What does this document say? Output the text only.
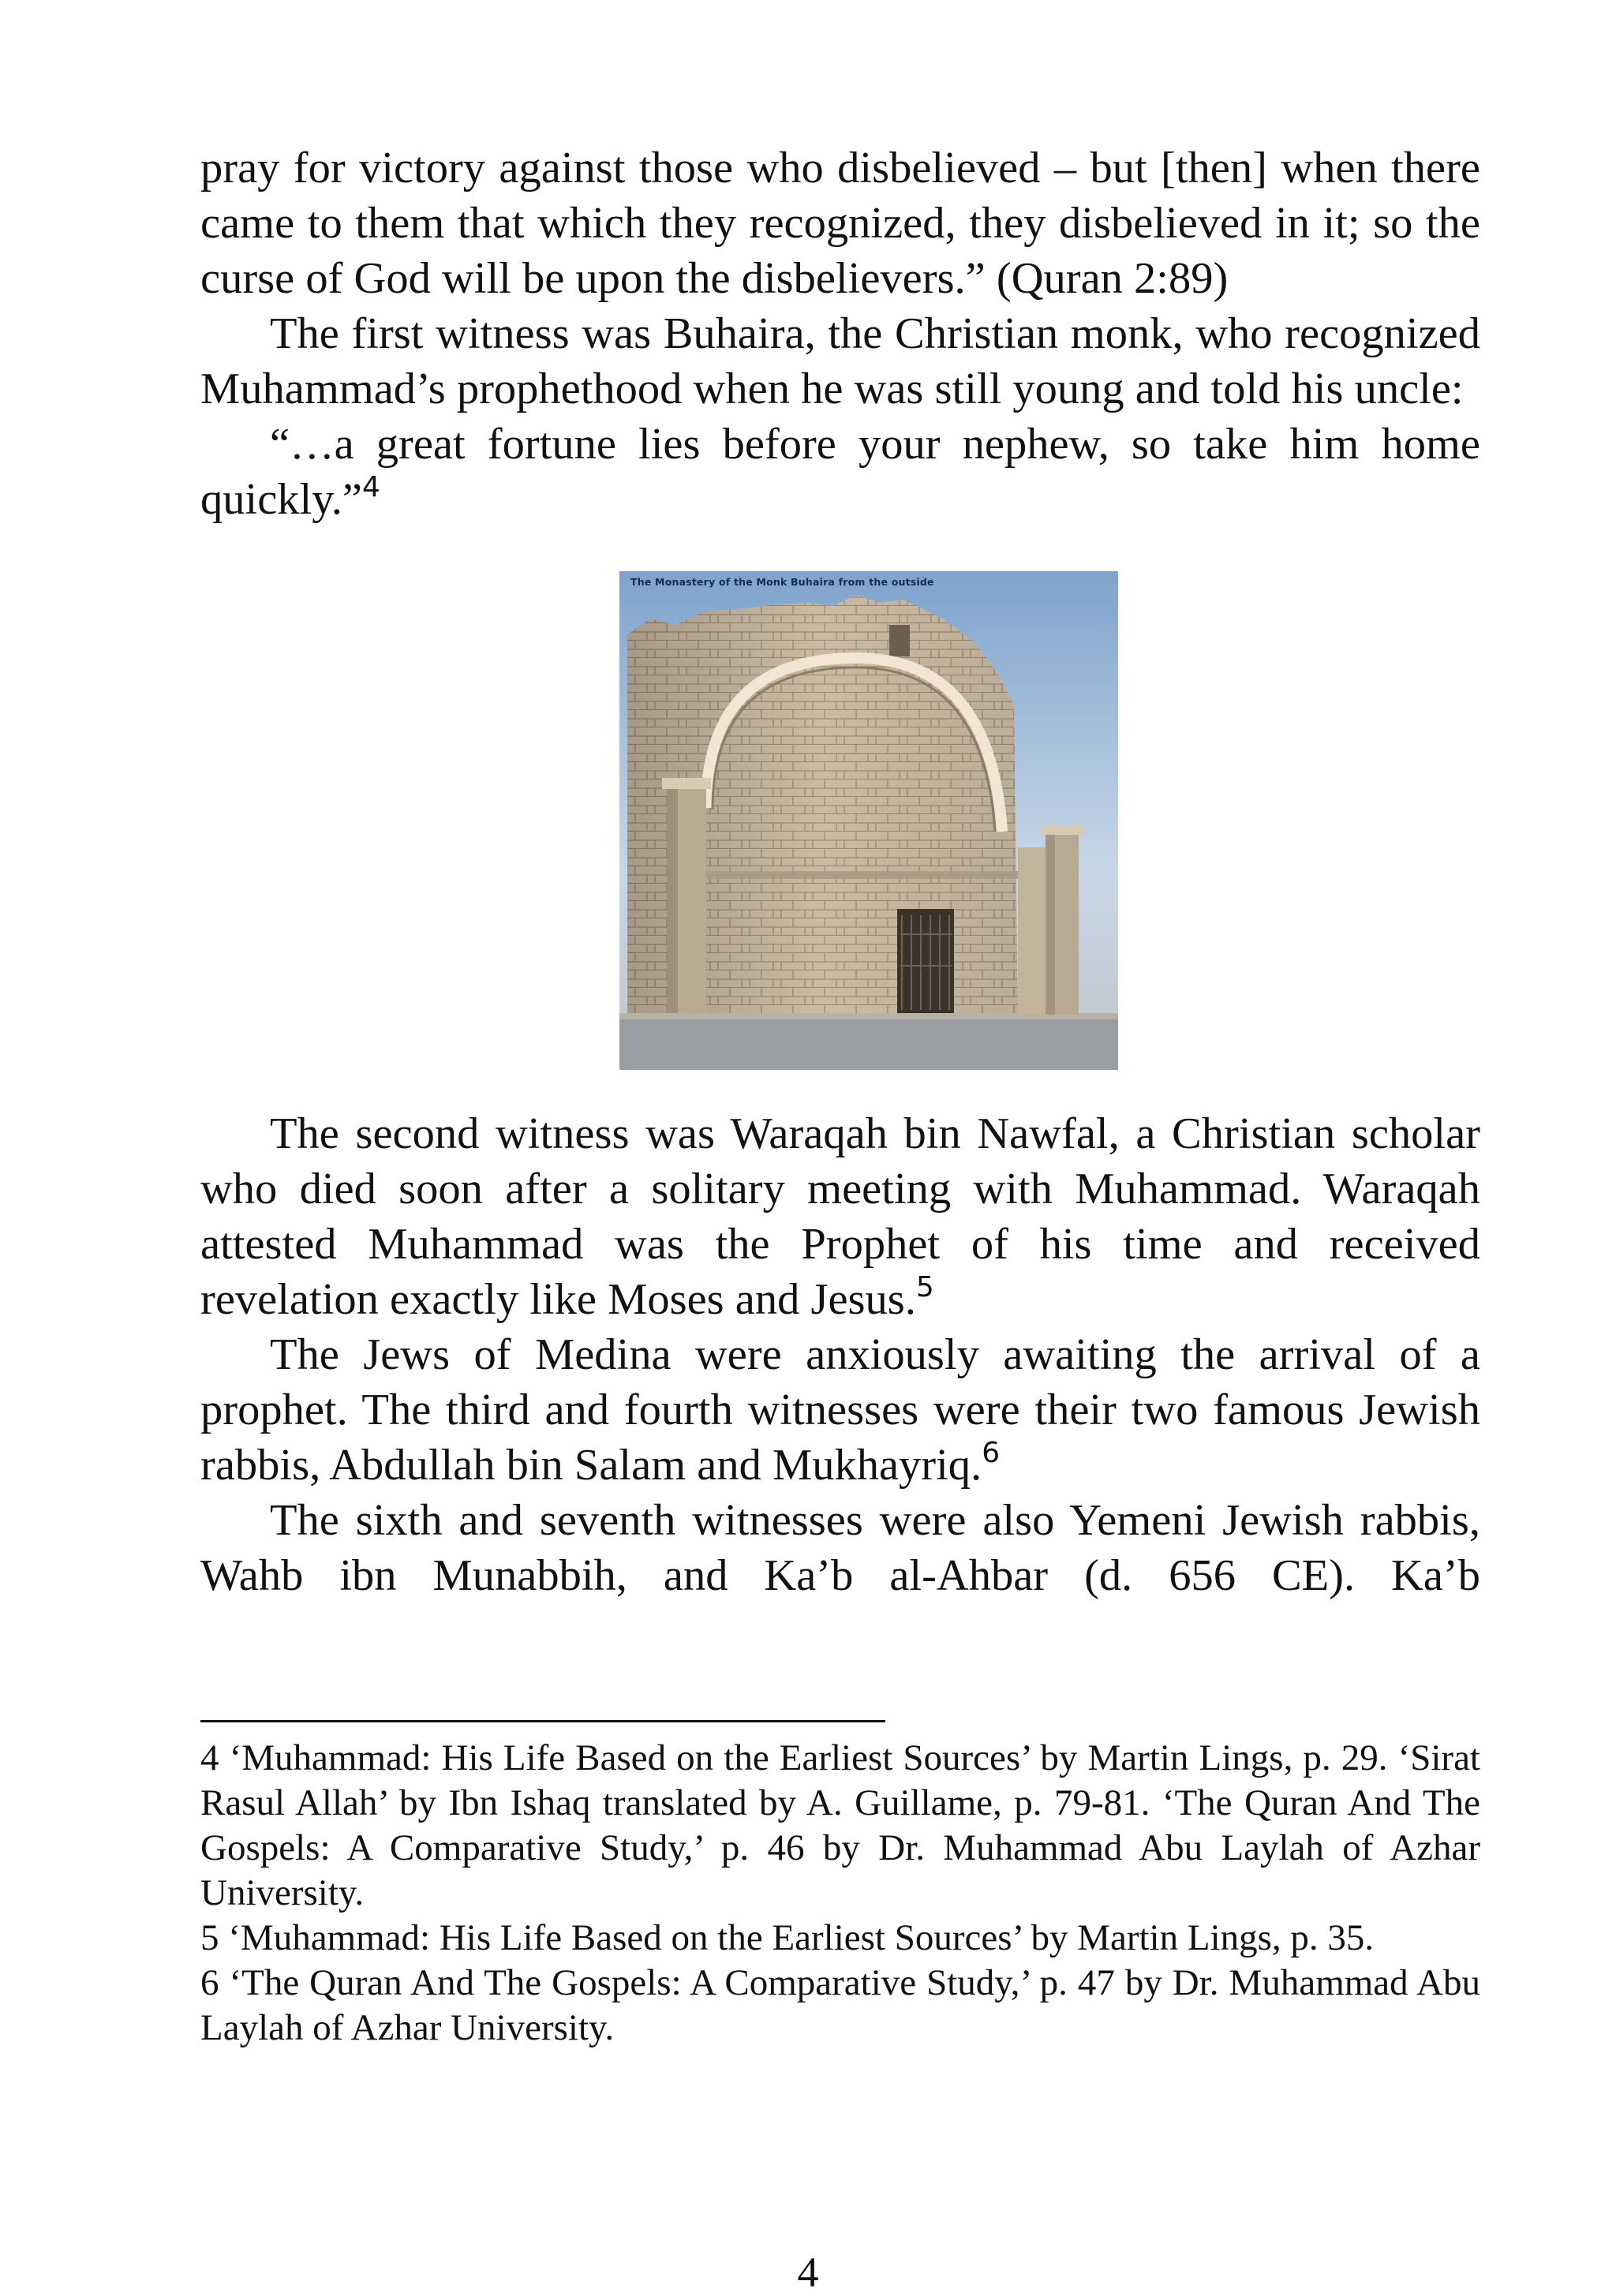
pray for victory against those who disbelieved – but [then] when there came to them that which they recognized, they disbelieved in it; so the curse of God will be upon the disbelievers.” (Quran 2:89)

The first witness was Buhaira, the Christian monk, who recognized Muhammad’s prophethood when he was still young and told his uncle:

“…a great fortune lies before your nephew, so take him home quickly.”$^4$

The Monastery of the Monk Buhaira from the outside

The second witness was Waraqah bin Nawfal, a Christian scholar who died soon after a solitary meeting with Muhammad. Waraqah attested Muhammad was the Prophet of his time and received revelation exactly like Moses and Jesus.$^5$

The Jews of Medina were anxiously awaiting the arrival of a prophet. The third and fourth witnesses were their two famous Jewish rabbis, Abdullah bin Salam and Mukhayriq.$^6$

The sixth and seventh witnesses were also Yemeni Jewish rabbis, Wahb ibn Munabbih, and Ka’b al-Ahbar (d. 656 CE). Ka’b

4 ‘Muhammad: His Life Based on the Earliest Sources’ by Martin Lings, p. 29. ‘Sirat Rasul Allah’ by Ibn Ishaq translated by A. Guillame, p. 79-81. ‘The Quran And The Gospels: A Comparative Study,’ p. 46 by Dr. Muhammad Abu Laylah of Azhar University.

5 ‘Muhammad: His Life Based on the Earliest Sources’ by Martin Lings, p. 35.

6 ‘The Quran And The Gospels: A Comparative Study,’ p. 47 by Dr. Muhammad Abu Laylah of Azhar University.

4
